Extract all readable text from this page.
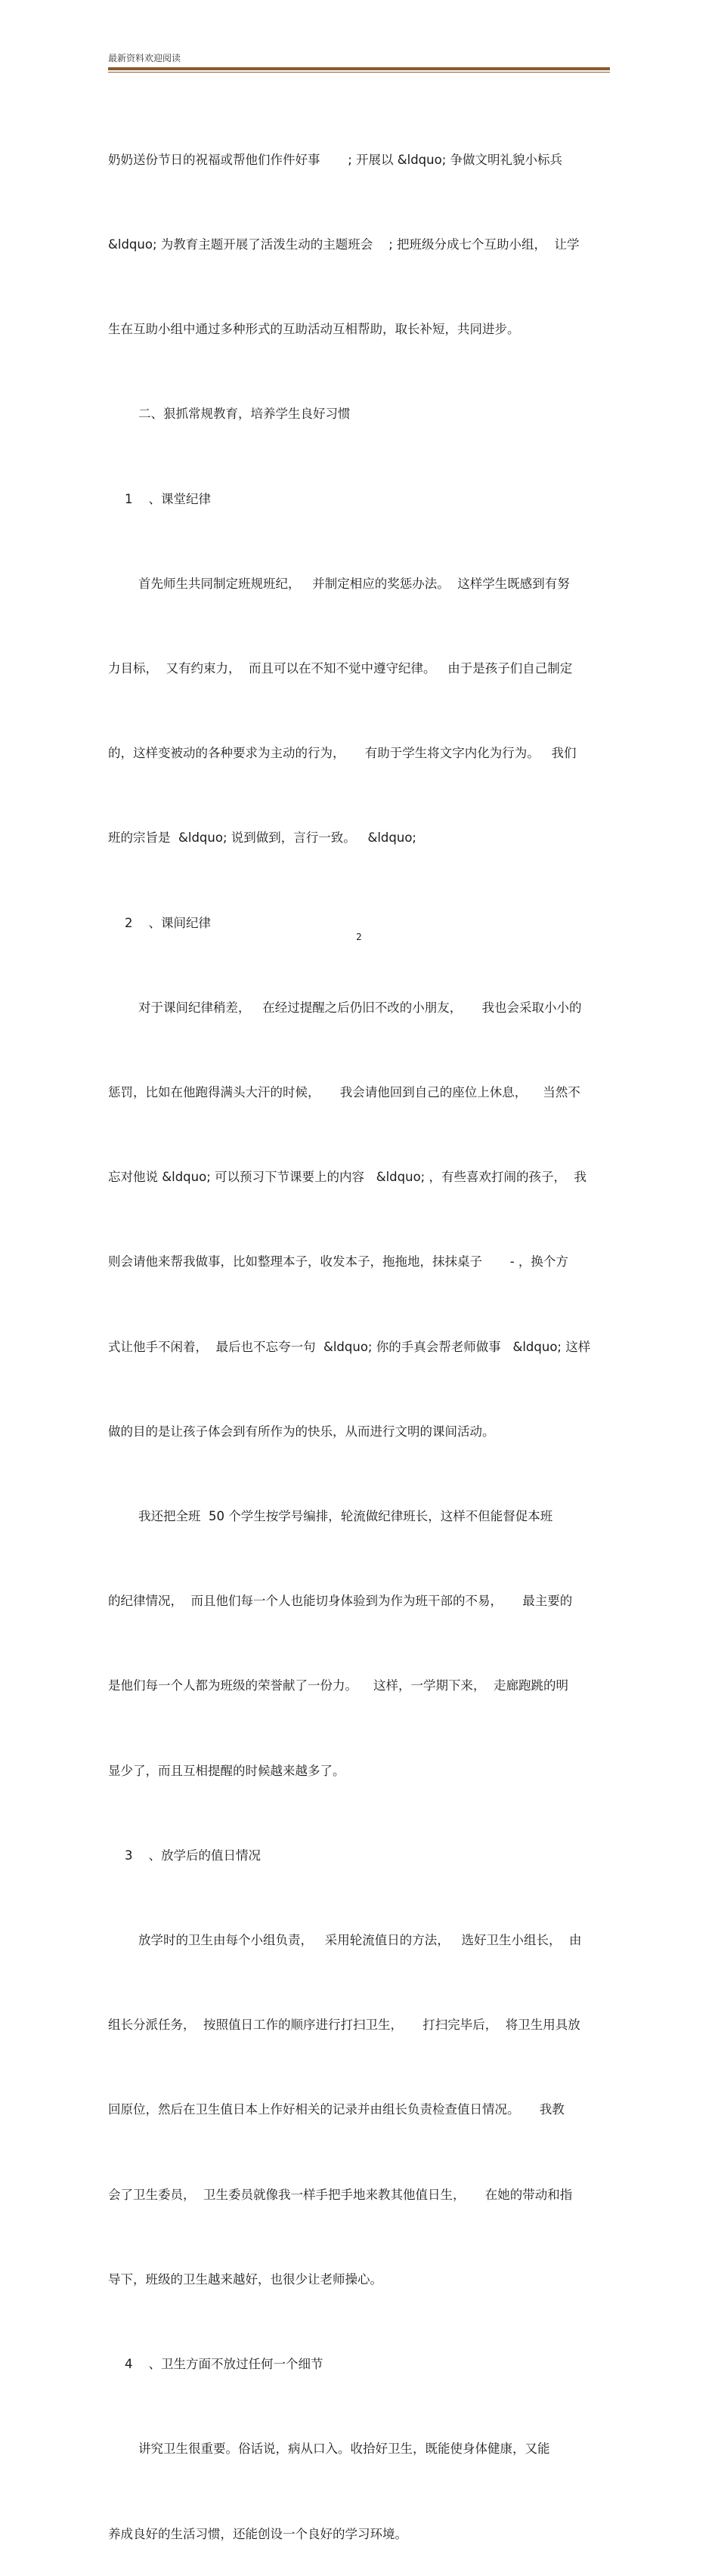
最新资料欢迎阅读

奶奶送份节日的祝福或帮他们作件好事       ; 开展以 &ldquo; 争做文明礼貌小标兵

&ldquo; 为教育主题开展了活泼生动的主题班会    ; 把班级分成七个互助小组，  让学

生在互助小组中通过多种形式的互助活动互相帮助，取长补短，共同进步。

二、狠抓常规教育，培养学生良好习惯

1    、课堂纪律

首先师生共同制定班规班纪，   并制定相应的奖惩办法。  这样学生既感到有努

力目标，  又有约束力，  而且可以在不知不觉中遵守纪律。   由于是孩子们自己制定

的，这样变被动的各种要求为主动的行为，     有助于学生将文字内化为行为。   我们

班的宗旨是  &ldquo; 说到做到，言行一致。   &ldquo;

2    、课间纪律

对于课间纪律稍差，   在经过提醒之后仍旧不改的小朋友，     我也会采取小小的

惩罚，比如在他跑得满头大汗的时候，     我会请他回到自己的座位上休息，    当然不

忘对他说 &ldquo; 可以预习下节课要上的内容   &ldquo; ，有些喜欢打闹的孩子，  我

则会请他来帮我做事，比如整理本子，收发本子，拖拖地，抹抹桌子       - ，换个方

式让他手不闲着，  最后也不忘夸一句  &ldquo; 你的手真会帮老师做事   &ldquo; 这样

做的目的是让孩子体会到有所作为的快乐，从而进行文明的课间活动。

我还把全班  50 个学生按学号编排，轮流做纪律班长，这样不但能督促本班

的纪律情况，  而且他们每一个人也能切身体验到为作为班干部的不易，     最主要的

是他们每一个人都为班级的荣誉献了一份力。    这样，一学期下来，  走廊跑跳的明

显少了，而且互相提醒的时候越来越多了。

3    、放学后的值日情况

放学时的卫生由每个小组负责，   采用轮流值日的方法，   选好卫生小组长，  由

组长分派任务，  按照值日工作的顺序进行打扫卫生，     打扫完毕后，  将卫生用具放

回原位，然后在卫生值日本上作好相关的记录并由组长负责检查值日情况。     我教

会了卫生委员，  卫生委员就像我一样手把手地来教其他值日生，     在她的带动和指

导下，班级的卫生越来越好，也很少让老师操心。

4    、卫生方面不放过任何一个细节

讲究卫生很重要。俗话说，病从口入。收拾好卫生，既能使身体健康，又能

养成良好的生活习惯，还能创设一个良好的学习环境。

2
